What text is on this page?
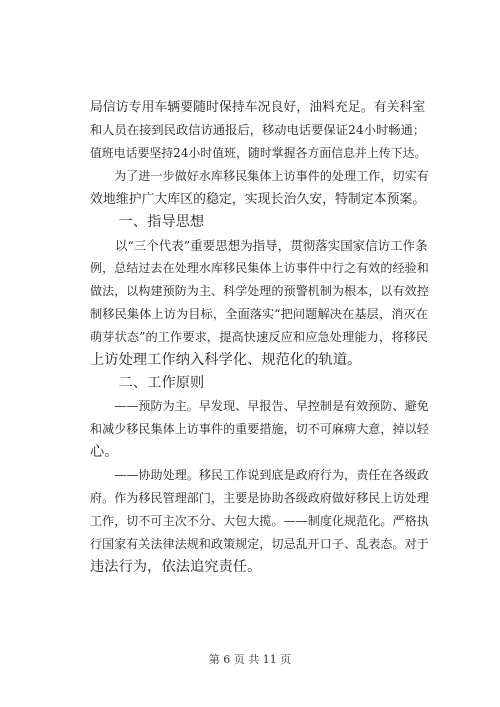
局信访专用车辆要随时保持车况良好，油料充足。有关科室
和人员在接到民政信访通报后，移动电话要保证24小时畅通；
值班电话要坚持24小时值班，随时掌握各方面信息并上传下达。
　　为了进一步做好水库移民集体上访事件的处理工作，切实有
效地维护广大库区的稳定，实现长治久安，特制定本预案。
　　一、指导思想
　　以“三个代表”重要思想为指导，贯彻落实国家信访工作条
例，总结过去在处理水库移民集体上访事件中行之有效的经验和
做法，以构建预防为主、科学处理的预警机制为根本，以有效控
制移民集体上访为目标，全面落实“把问题解决在基层，消灭在
萌芽状态”的工作要求，提高快速反应和应急处理能力，将移民
上访处理工作纳入科学化、规范化的轨道。
　　二、工作原则
　　——预防为主。早发现、早报告、早控制是有效预防、避免
和减少移民集体上访事件的重要措施，切不可麻痹大意，掉以轻
心。
　　——协助处理。移民工作说到底是政府行为，责任在各级政
府。作为移民管理部门，主要是协助各级政府做好移民上访处理
工作，切不可主次不分、大包大揽。——制度化规范化。严格执
行国家有关法律法规和政策规定，切忌乱开口子、乱表态。对于
违法行为，依法追究责任。
第 6 页 共 11 页
